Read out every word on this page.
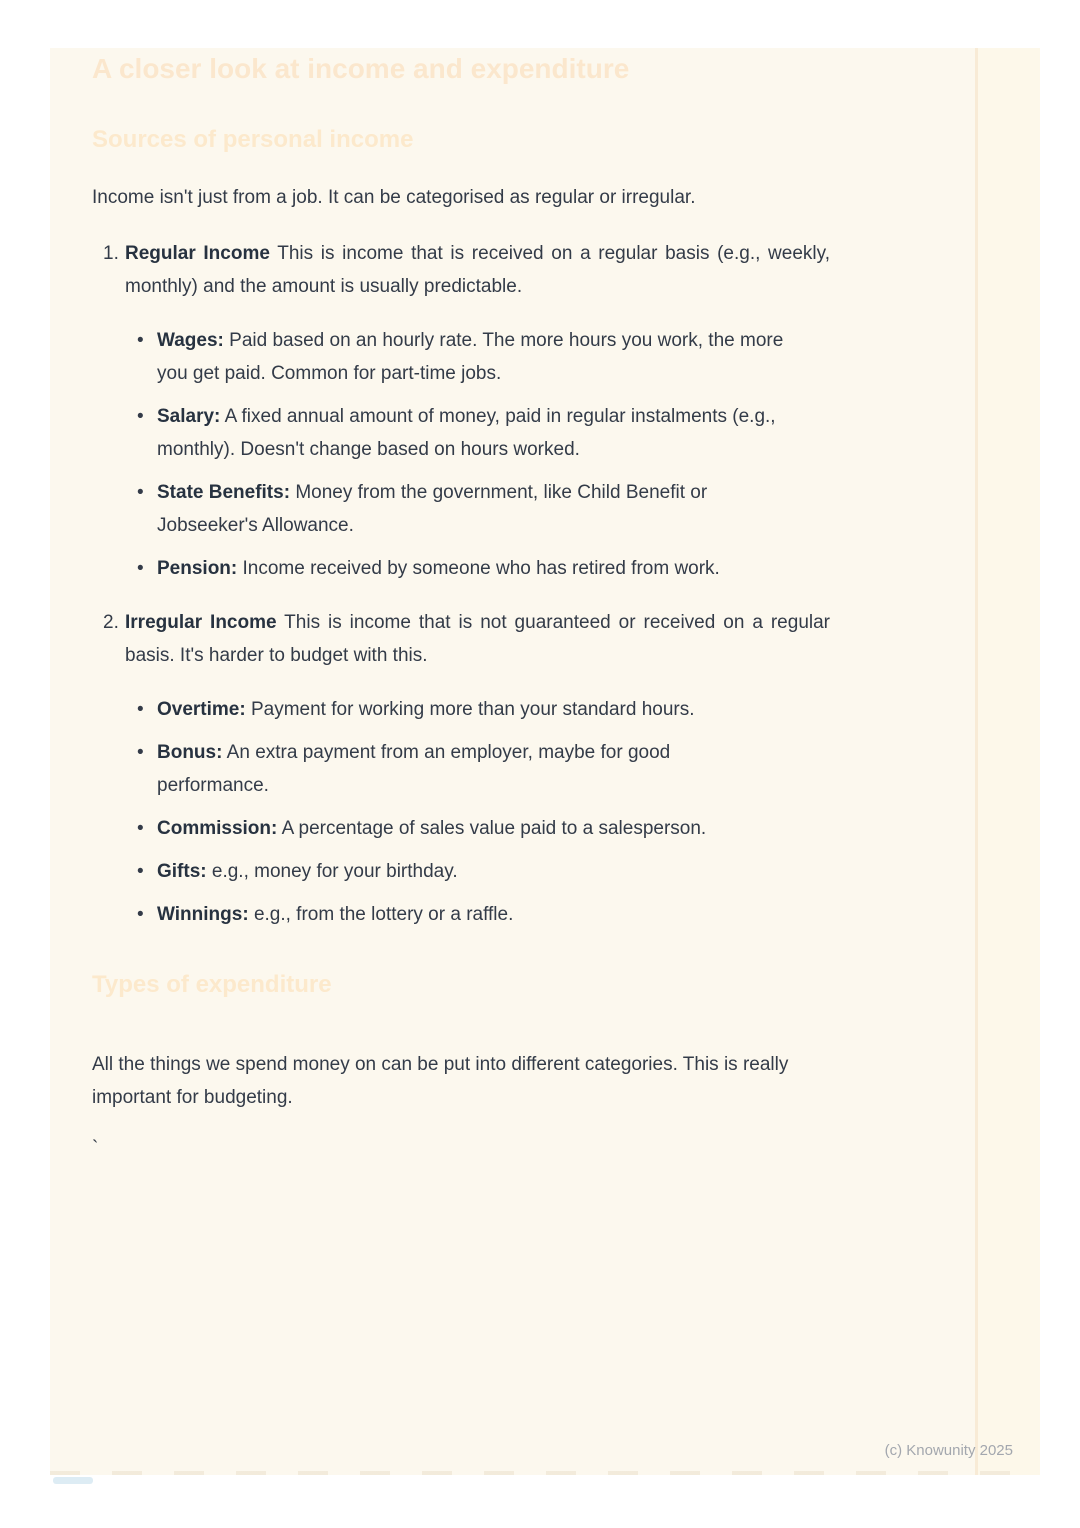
A closer look at income and expenditure
Sources of personal income

Income isn't just from a job. It can be categorised as regular or irregular.

1. Regular Income This is income that is received on a regular basis (e.g., weekly, monthly) and the amount is usually predictable.
• Wages: Paid based on an hourly rate. The more hours you work, the more you get paid. Common for part-time jobs.
• Salary: A fixed annual amount of money, paid in regular instalments (e.g., monthly). Doesn't change based on hours worked.
• State Benefits: Money from the government, like Child Benefit or Jobseeker's Allowance.
• Pension: Income received by someone who has retired from work.
2. Irregular Income This is income that is not guaranteed or received on a regular basis. It's harder to budget with this.
• Overtime: Payment for working more than your standard hours.
• Bonus: An extra payment from an employer, maybe for good performance.
• Commission: A percentage of sales value paid to a salesperson.
• Gifts: e.g., money for your birthday.
• Winnings: e.g., from the lottery or a raffle.
Types of expenditure

All the things we spend money on can be put into different categories. This is really important for budgeting.

`

(c) Knowunity 2025
